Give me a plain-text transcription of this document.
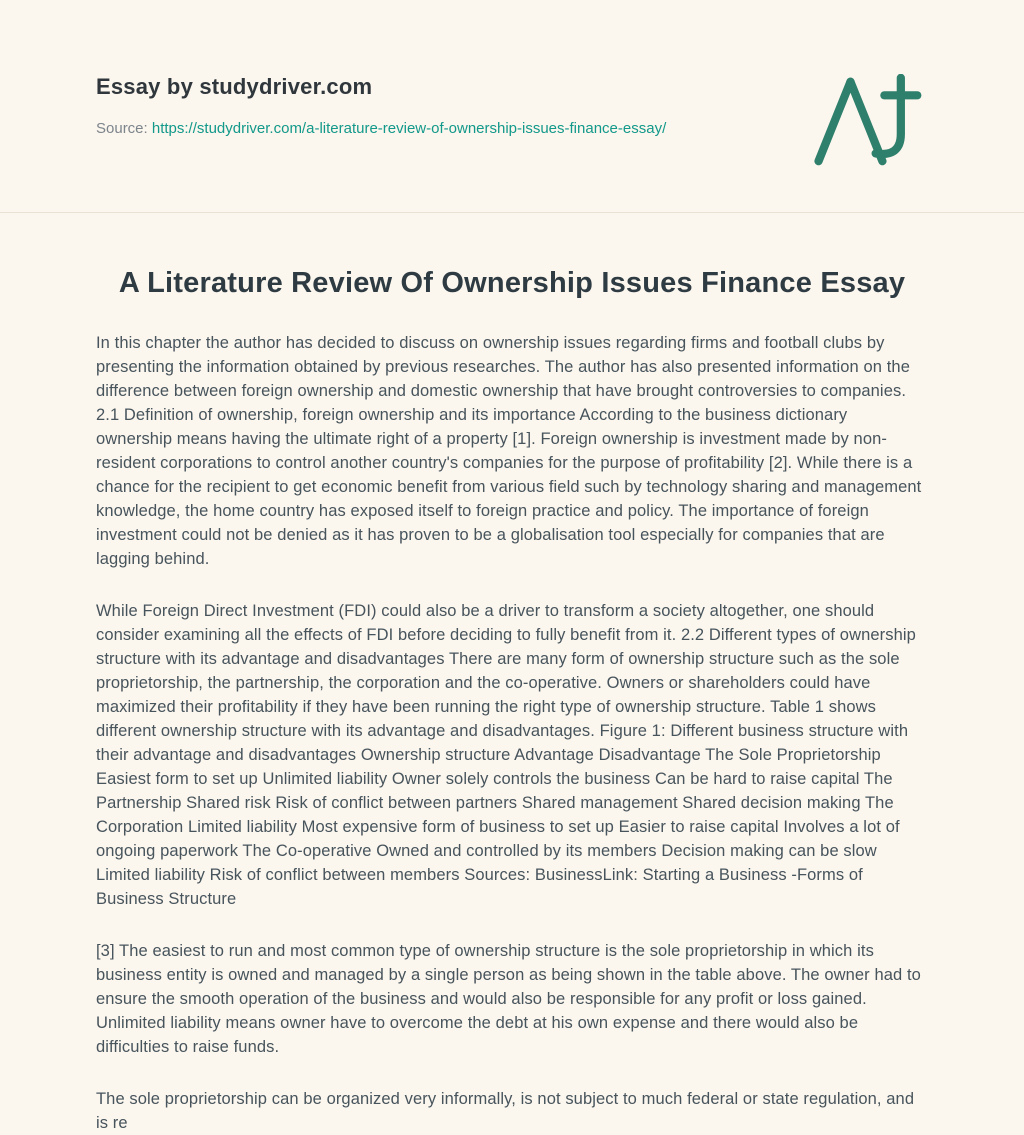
Essay by studydriver.com

Source: https://studydriver.com/a-literature-review-of-ownership-issues-finance-essay/

A Literature Review Of Ownership Issues Finance Essay

In this chapter the author has decided to discuss on ownership issues regarding firms and football clubs by presenting the information obtained by previous researches. The author has also presented information on the difference between foreign ownership and domestic ownership that have brought controversies to companies. 2.1 Definition of ownership, foreign ownership and its importance According to the business dictionary ownership means having the ultimate right of a property [1]. Foreign ownership is investment made by non-resident corporations to control another country's companies for the purpose of profitability [2]. While there is a chance for the recipient to get economic benefit from various field such by technology sharing and management knowledge, the home country has exposed itself to foreign practice and policy. The importance of foreign investment could not be denied as it has proven to be a globalisation tool especially for companies that are lagging behind.

While Foreign Direct Investment (FDI) could also be a driver to transform a society altogether, one should consider examining all the effects of FDI before deciding to fully benefit from it. 2.2 Different types of ownership structure with its advantage and disadvantages There are many form of ownership structure such as the sole proprietorship, the partnership, the corporation and the co-operative. Owners or shareholders could have maximized their profitability if they have been running the right type of ownership structure. Table 1 shows different ownership structure with its advantage and disadvantages. Figure 1: Different business structure with their advantage and disadvantages Ownership structure Advantage Disadvantage The Sole Proprietorship Easiest form to set up Unlimited liability Owner solely controls the business Can be hard to raise capital The Partnership Shared risk Risk of conflict between partners Shared management Shared decision making The Corporation Limited liability Most expensive form of business to set up Easier to raise capital Involves a lot of ongoing paperwork The Co-operative Owned and controlled by its members Decision making can be slow Limited liability Risk of conflict between members Sources: BusinessLink: Starting a Business -Forms of Business Structure

[3] The easiest to run and most common type of ownership structure is the sole proprietorship in which its business entity is owned and managed by a single person as being shown in the table above. The owner had to ensure the smooth operation of the business and would also be responsible for any profit or loss gained. Unlimited liability means owner have to overcome the debt at his own expense and there would also be difficulties to raise funds.

The sole proprietorship can be organized very informally, is not subject to much federal or state regulation, and is re
